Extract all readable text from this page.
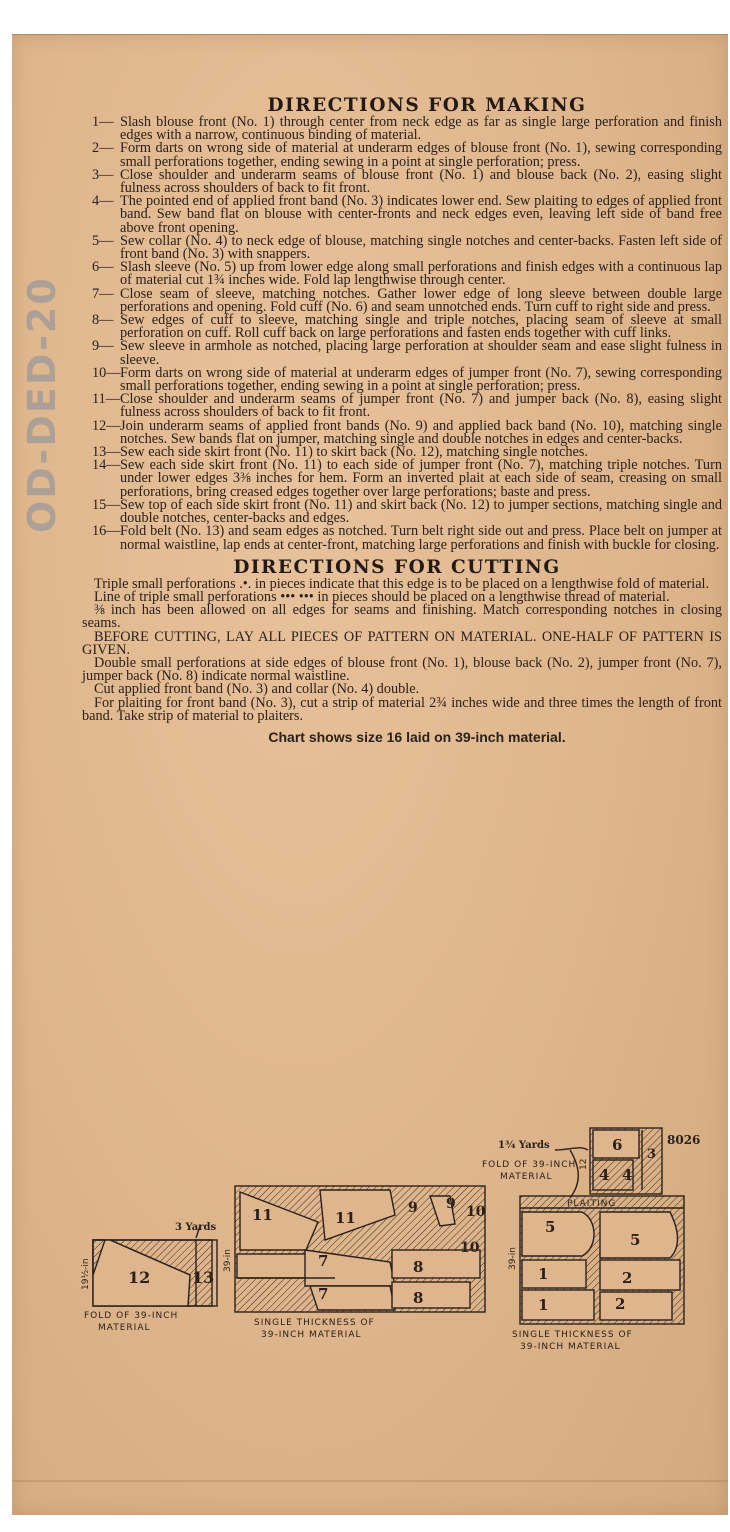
OD-DED-20
DIRECTIONS FOR MAKING

1— Slash blouse front (No. 1) through center from neck edge as far as single large perforation and finish edges with a narrow, continuous binding of material.

2— Form darts on wrong side of material at underarm edges of blouse front (No. 1), sewing corresponding small perforations together, ending sewing in a point at single perforation; press.

3— Close shoulder and underarm seams of blouse front (No. 1) and blouse back (No. 2), easing slight fulness across shoulders of back to fit front.

4— The pointed end of applied front band (No. 3) indicates lower end. Sew plaiting to edges of applied front band. Sew band flat on blouse with center-fronts and neck edges even, leaving left side of band free above front opening.

5— Sew collar (No. 4) to neck edge of blouse, matching single notches and center-backs. Fasten left side of front band (No. 3) with snappers.

6— Slash sleeve (No. 5) up from lower edge along small perforations and finish edges with a continuous lap of material cut 1¾ inches wide. Fold lap lengthwise through center.

7— Close seam of sleeve, matching notches. Gather lower edge of long sleeve between double large perforations and opening. Fold cuff (No. 6) and seam unnotched ends. Turn cuff to right side and press.

8— Sew edges of cuff to sleeve, matching single and triple notches, placing seam of sleeve at small perforation on cuff. Roll cuff back on large perforations and fasten ends together with cuff links.

9— Sew sleeve in armhole as notched, placing large perforation at shoulder seam and ease slight fulness in sleeve.

10— Form darts on wrong side of material at underarm edges of jumper front (No. 7), sewing corresponding small perforations together, ending sewing in a point at single perforation; press.

11— Close shoulder and underarm seams of jumper front (No. 7) and jumper back (No. 8), easing slight fulness across shoulders of back to fit front.

12— Join underarm seams of applied front bands (No. 9) and applied back band (No. 10), matching single notches. Sew bands flat on jumper, matching single and double notches in edges and center-backs.

13— Sew each side skirt front (No. 11) to skirt back (No. 12), matching single notches.

14— Sew each side skirt front (No. 11) to each side of jumper front (No. 7), matching triple notches. Turn under lower edges 3⅜ inches for hem. Form an inverted plait at each side of seam, creasing on small perforations, bring creased edges together over large perforations; baste and press.

15— Sew top of each side skirt front (No. 11) and skirt back (No. 12) to jumper sections, matching single and double notches, center-backs and edges.

16— Fold belt (No. 13) and seam edges as notched. Turn belt right side out and press. Place belt on jumper at normal waistline, lap ends at center-front, matching large perforations and finish with buckle for closing.

DIRECTIONS FOR CUTTING

Triple small perforations .•. in pieces indicate that this edge is to be placed on a lengthwise fold of material.

Line of triple small perforations ••• ••• in pieces should be placed on a lengthwise thread of material.

⅜ inch has been allowed on all edges for seams and finishing. Match corresponding notches in closing seams.

BEFORE CUTTING, LAY ALL PIECES OF PATTERN ON MATERIAL. ONE-HALF OF PATTERN IS GIVEN.

Double small perforations at side edges of blouse front (No. 1), blouse back (No. 2), jumper front (No. 7), jumper back (No. 8) indicate normal waistline.

Cut applied front band (No. 3) and collar (No. 4) double.

For plaiting for front band (No. 3), cut a strip of material 2¾ inches wide and three times the length of front band. Take strip of material to plaiters.

Chart shows size 16 laid on 39-inch material.
6
3
4 4
8026
1¾ Yards
12
FOLD OF 39-INCH
MATERIAL
12	13
3 Yards
19½-in
FOLD OF 39-INCH
MATERIAL
11	11
9 9 10
10
7
7
8
8
39-in
SINGLE THICKNESS OF
39-INCH MATERIAL
PLAITING
5
5
1
1
2
2
39-in
SINGLE THICKNESS OF
39-INCH MATERIAL
